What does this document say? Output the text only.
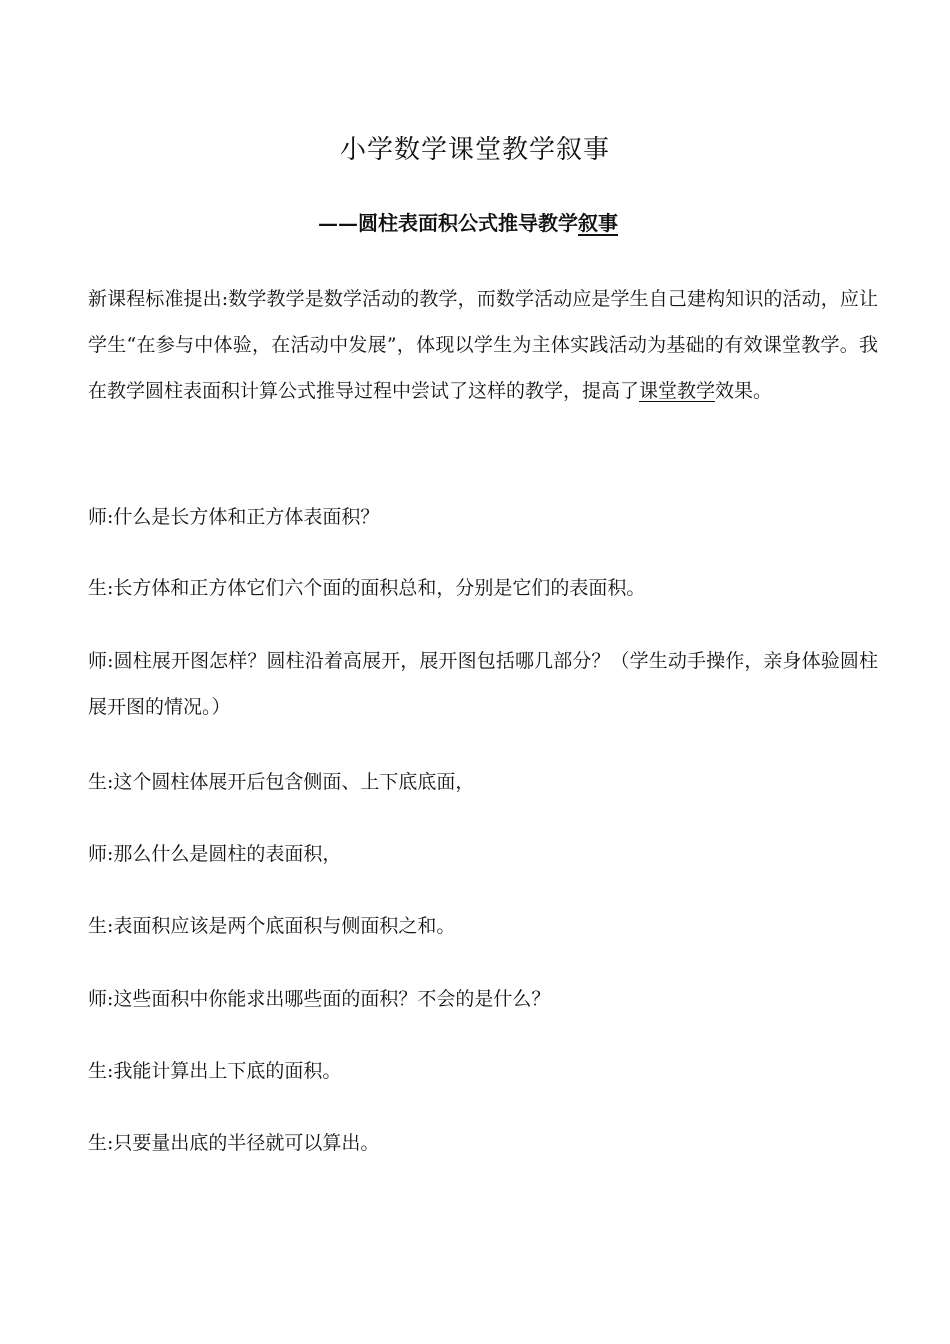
小学数学课堂教学叙事
——圆柱表面积公式推导教学叙事

新课程标准提出:数学教学是数学活动的教学，而数学活动应是学生自己建构知识的活动，应让学生“在参与中体验，在活动中发展”，体现以学生为主体实践活动为基础的有效课堂教学。我在教学圆柱表面积计算公式推导过程中尝试了这样的教学，提高了课堂教学效果。

师:什么是长方体和正方体表面积？

生:长方体和正方体它们六个面的面积总和，分别是它们的表面积。

师:圆柱展开图怎样？圆柱沿着高展开，展开图包括哪几部分？（学生动手操作，亲身体验圆柱展开图的情况。）

生:这个圆柱体展开后包含侧面、上下底底面，

师:那么什么是圆柱的表面积，

生:表面积应该是两个底面积与侧面积之和。

师:这些面积中你能求出哪些面的面积？不会的是什么？

生:我能计算出上下底的面积。

生:只要量出底的半径就可以算出。
